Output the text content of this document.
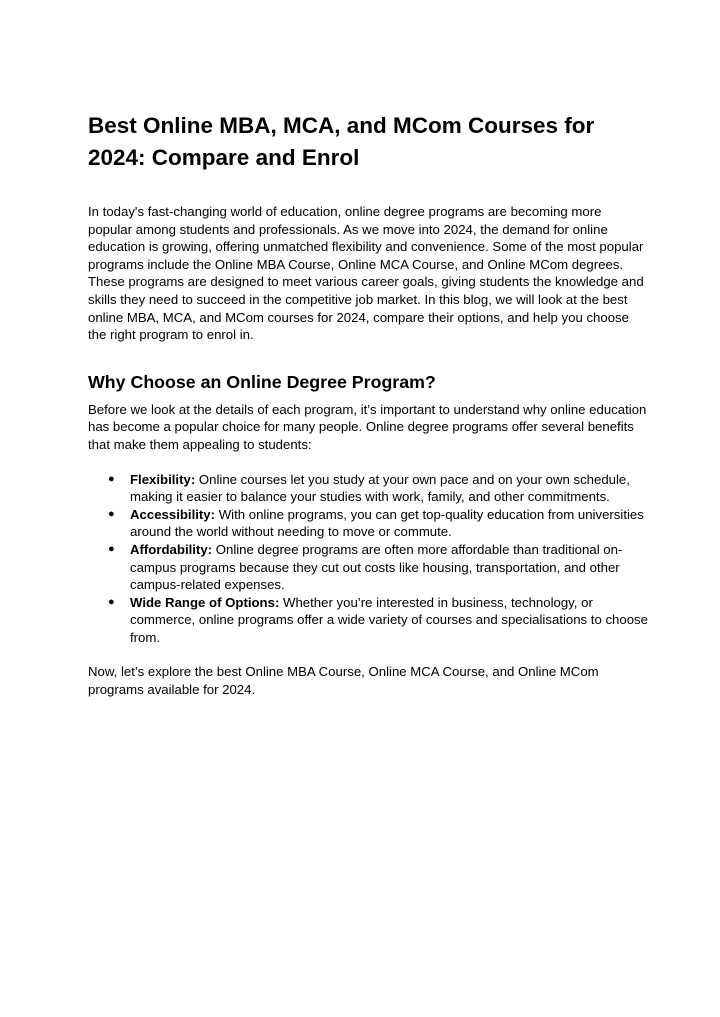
Best Online MBA, MCA, and MCom Courses for 2024: Compare and Enrol

In today's fast-changing world of education, online degree programs are becoming more popular among students and professionals. As we move into 2024, the demand for online education is growing, offering unmatched flexibility and convenience. Some of the most popular programs include the Online MBA Course, Online MCA Course, and Online MCom degrees. These programs are designed to meet various career goals, giving students the knowledge and skills they need to succeed in the competitive job market. In this blog, we will look at the best online MBA, MCA, and MCom courses for 2024, compare their options, and help you choose the right program to enrol in.

Why Choose an Online Degree Program?

Before we look at the details of each program, it’s important to understand why online education has become a popular choice for many people. Online degree programs offer several benefits that make them appealing to students:

● Flexibility: Online courses let you study at your own pace and on your own schedule, making it easier to balance your studies with work, family, and other commitments.
● Accessibility: With online programs, you can get top-quality education from universities around the world without needing to move or commute.
● Affordability: Online degree programs are often more affordable than traditional on-campus programs because they cut out costs like housing, transportation, and other campus-related expenses.
● Wide Range of Options: Whether you’re interested in business, technology, or commerce, online programs offer a wide variety of courses and specialisations to choose from.

Now, let’s explore the best Online MBA Course, Online MCA Course, and Online MCom programs available for 2024.
